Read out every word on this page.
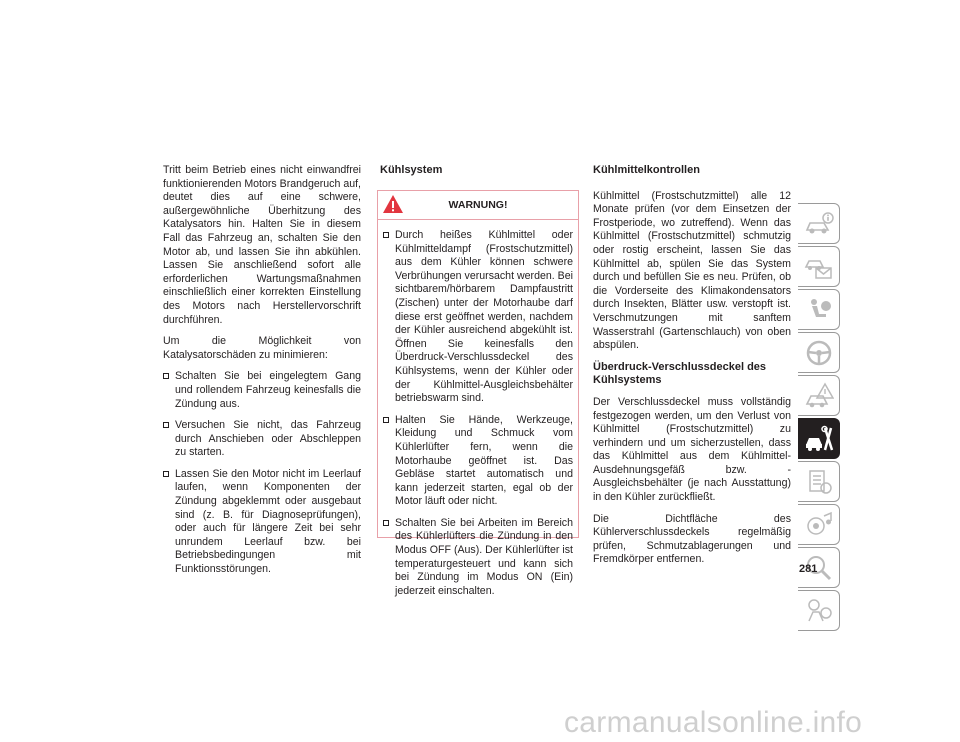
Tritt beim Betrieb eines nicht einwandfrei funktionierenden Motors Brandgeruch auf, deutet dies auf eine schwere, außergewöhnliche Überhitzung des Katalysators hin. Halten Sie in diesem Fall das Fahrzeug an, schalten Sie den Motor ab, und lassen Sie ihn abkühlen. Lassen Sie anschließend sofort alle erforderlichen Wartungsmaßnahmen einschließlich einer korrekten Einstellung des Motors nach Herstellervorschrift durchführen.

Um die Möglichkeit von Katalysatorschäden zu minimieren:

Schalten Sie bei eingelegtem Gang und rollendem Fahrzeug keinesfalls die Zündung aus.
Versuchen Sie nicht, das Fahrzeug durch Anschieben oder Abschleppen zu starten.
Lassen Sie den Motor nicht im Leerlauf laufen, wenn Komponenten der Zündung abgeklemmt oder ausgebaut sind (z. B. für Diagnoseprüfungen), oder auch für längere Zeit bei sehr unrundem Leerlauf bzw. bei Betriebsbedingungen mit Funktionsstörungen.

Kühlsystem

WARNUNG!
Durch heißes Kühlmittel oder Kühlmitteldampf (Frostschutzmittel) aus dem Kühler können schwere Verbrühungen verursacht werden. Bei sichtbarem/hörbarem Dampfaustritt (Zischen) unter der Motorhaube darf diese erst geöffnet werden, nachdem der Kühler ausreichend abgekühlt ist. Öffnen Sie keinesfalls den Überdruck-Verschlussdeckel des Kühlsystems, wenn der Kühler oder der Kühlmittel-Ausgleichsbehälter betriebswarm sind.
Halten Sie Hände, Werkzeuge, Kleidung und Schmuck vom Kühlerlüfter fern, wenn die Motorhaube geöffnet ist. Das Gebläse startet automatisch und kann jederzeit starten, egal ob der Motor läuft oder nicht.
Schalten Sie bei Arbeiten im Bereich des Kühlerlüfters die Zündung in den Modus OFF (Aus). Der Kühlerlüfter ist temperaturgesteuert und kann sich bei Zündung im Modus ON (Ein) jederzeit einschalten.

Kühlmittelkontrollen

Kühlmittel (Frostschutzmittel) alle 12 Monate prüfen (vor dem Einsetzen der Frostperiode, wo zutreffend). Wenn das Kühlmittel (Frostschutzmittel) schmutzig oder rostig erscheint, lassen Sie das Kühlmittel ab, spülen Sie das System durch und befüllen Sie es neu. Prüfen, ob die Vorderseite des Klimakondensators durch Insekten, Blätter usw. verstopft ist. Verschmutzungen mit sanftem Wasserstrahl (Gartenschlauch) von oben abspülen.

Überdruck-Verschlussdeckel des Kühlsystems

Der Verschlussdeckel muss vollständig festgezogen werden, um den Verlust von Kühlmittel (Frostschutzmittel) zu verhindern und um sicherzustellen, dass das Kühlmittel aus dem Kühlmittel-Ausdehnungsgefäß bzw. -Ausgleichsbehälter (je nach Ausstattung) in den Kühler zurückfließt.

Die Dichtfläche des Kühlerverschlussdeckels regelmäßig prüfen, Schmutzablagerungen und Fremdkörper entfernen.

281
carmanualsonline.info
